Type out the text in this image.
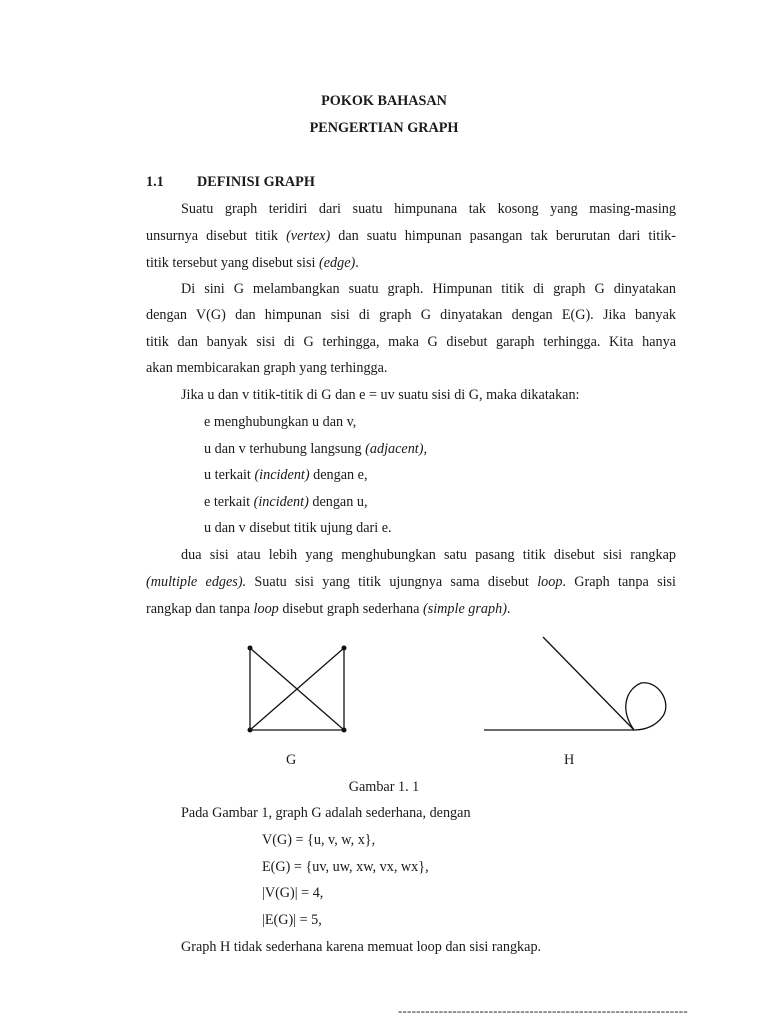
POKOK BAHASAN
PENGERTIAN GRAPH
1.1 DEFINISI GRAPH
Suatu graph teridiri dari suatu himpunana tak kosong yang masing-masing
unsurnya disebut titik (vertex) dan suatu himpunan pasangan tak berurutan dari titik-
titik tersebut yang disebut sisi (edge).
Di sini G melambangkan suatu graph. Himpunan titik di graph G dinyatakan
dengan V(G) dan himpunan sisi di graph G dinyatakan dengan E(G). Jika banyak
titik dan banyak sisi di G terhingga, maka G disebut garaph terhingga. Kita hanya
akan membicarakan graph yang terhingga.
Jika u dan v titik-titik di G dan e = uv suatu sisi di G, maka dikatakan:
e menghubungkan u dan v,
u dan v terhubung langsung (adjacent),
u terkait (incident) dengan e,
e terkait (incident) dengan u,
u dan v disebut titik ujung dari e.
dua sisi atau lebih yang menghubungkan satu pasang titik disebut sisi rangkap
(multiple edges). Suatu sisi yang titik ujungnya sama disebut loop. Graph tanpa sisi
rangkap dan tanpa loop disebut graph sederhana (simple graph).
G	H
Gambar 1. 1
Pada Gambar 1, graph G adalah sederhana, dengan
V(G) = {u, v, w, x},
E(G) = {uv, uw, xw, vx, wx},
|V(G)| = 4,
|E(G)| = 5,
Graph H tidak sederhana karena memuat loop dan sisi rangkap.
----------------------------------------------------------------
